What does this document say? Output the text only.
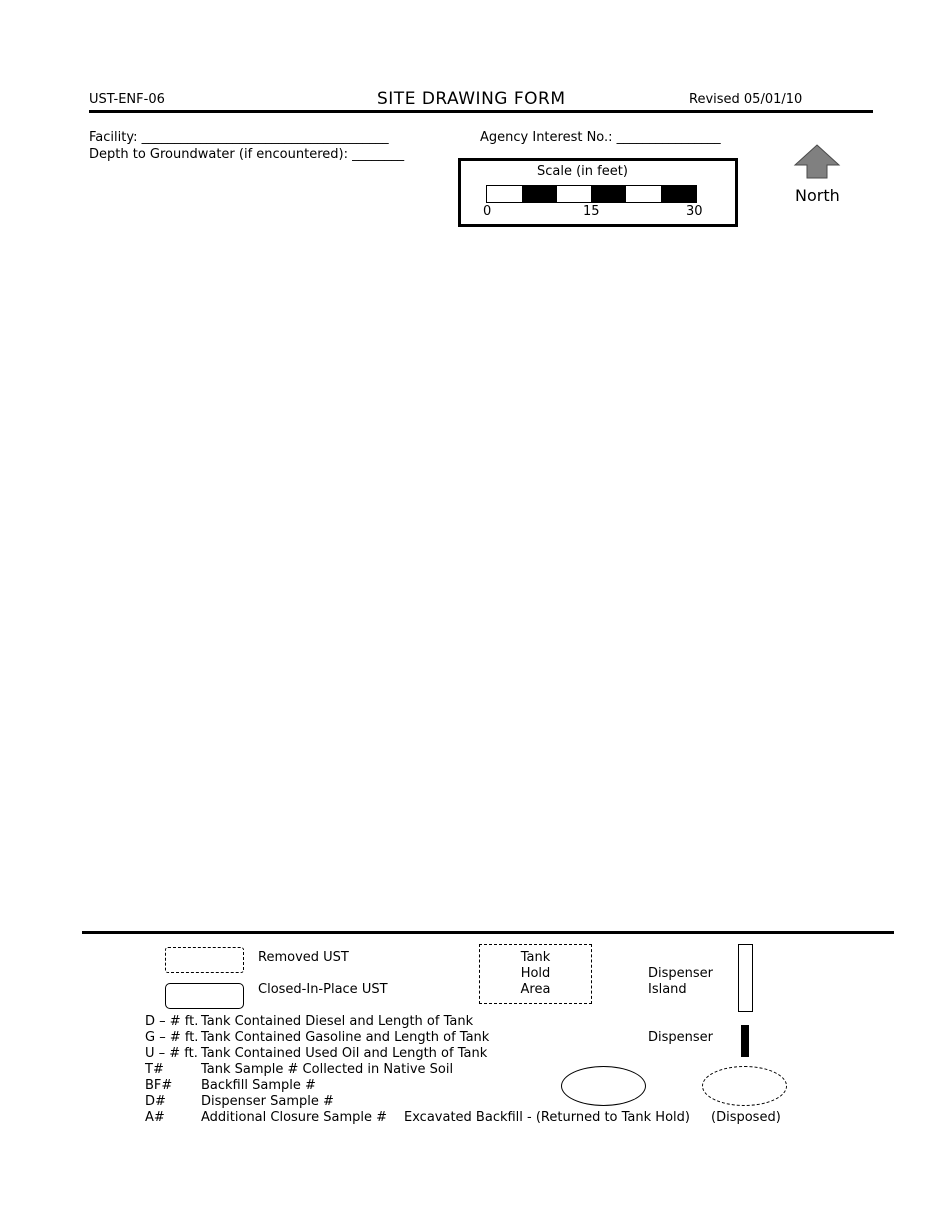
UST-ENF-06	SITE DRAWING FORM	Revised 05/01/10
Facility: ______________________________________	Agency Interest No.: ________________
Depth to Groundwater (if encountered): ________
Scale (in feet)
0	15	30
North
Removed UST
Closed-In-Place UST
Tank
Hold
Area
Dispenser
Island
Dispenser
D – # ft. Tank Contained Diesel and Length of Tank
G – # ft. Tank Contained Gasoline and Length of Tank
U – # ft. Tank Contained Used Oil and Length of Tank
T#	Tank Sample # Collected in Native Soil
BF# Backfill Sample #
D#	Dispenser Sample #
A#	Additional Closure Sample # Excavated Backfill - (Returned to Tank Hold) (Disposed)
